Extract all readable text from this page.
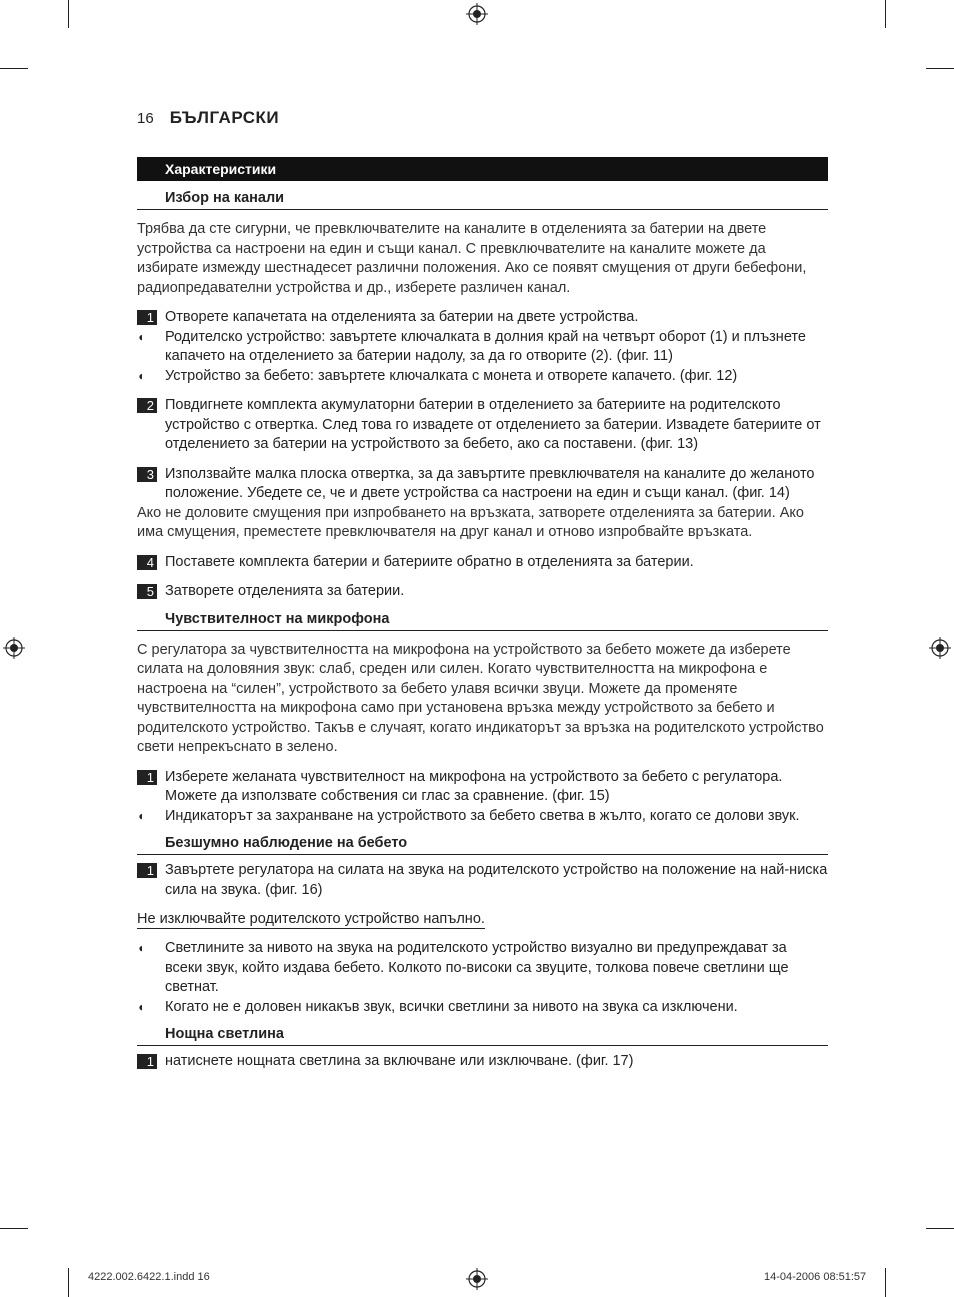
16 БЪЛГАРСКИ
Характеристики
Избор на канали

Трябва да сте сигурни, че превключвателите на каналите в отделенията за батерии на двете устройства са настроени на един и същи канал. С превключвателите на каналите можете да избирате измежду шестнадесет различни положения. Ако се появят смущения от други бебефони, радиопредавателни устройства и др., изберете различен канал.

1 Отворете капачетата на отделенията за батерии на двете устройства.
◖	Родителско устройство: завъртете ключалката в долния край на четвърт оборот (1) и плъзнете капачето на отделението за батерии надолу, за да го отворите (2). (фиг. 11)
◖	Устройство за бебето: завъртете ключалката с монета и отворете капачето. (фиг. 12)
2 Повдигнете комплекта акумулаторни батерии в отделението за батериите на родителското устройство с отвертка. След това го извадете от отделението за батерии. Извадете батериите от отделението за батерии на устройството за бебето, ако са поставени. (фиг. 13)
3 Използвайте малка плоска отвертка, за да завъртите превключвателя на каналите до желаното положение. Убедете се, че и двете устройства са настроени на един и същи канал. (фиг. 14)

Ако не доловите смущения при изпробването на връзката, затворете отделенията за батерии. Ако има смущения, преместете превключвателя на друг канал и отново изпробвайте връзката.

4 Поставете комплекта батерии и батериите обратно в отделенията за батерии.
5 Затворете отделенията за батерии.
Чувствителност на микрофона

С регулатора за чувствителността на микрофона на устройството за бебето можете да изберете силата на доловяния звук: слаб, среден или силен. Когато чувствителността на микрофона е настроена на “силен”, устройството за бебето улавя всички звуци. Можете да променяте чувствителността на микрофона само при установена връзка между устройството за бебето и родителското устройство. Такъв е случаят, когато индикаторът за връзка на родителското устройство свети непрекъснато в зелено.

1 Изберете желаната чувствителност на микрофона на устройството за бебето с регулатора. Можете да използвате собствения си глас за сравнение. (фиг. 15)
◖	Индикаторът за захранване на устройството за бебето светва в жълто, когато се долови звук.
Безшумно наблюдение на бебето
1 Завъртете регулатора на силата на звука на родителското устройство на положение на най-ниска сила на звука. (фиг. 16)
Не изключвайте родителското устройство напълно.
◖	Светлините за нивото на звука на родителското устройство визуално ви предупреждават за всеки звук, който издава бебето. Колкото по-високи са звуците, толкова повече светлини ще светнат.
◖	Когато не е доловен никакъв звук, всички светлини за нивото на звука са изключени.
Нощна светлина
1 натиснете нощната светлина за включване или изключване. (фиг. 17)
4222.002.6422.1.indd 16	14-04-2006 08:51:57
